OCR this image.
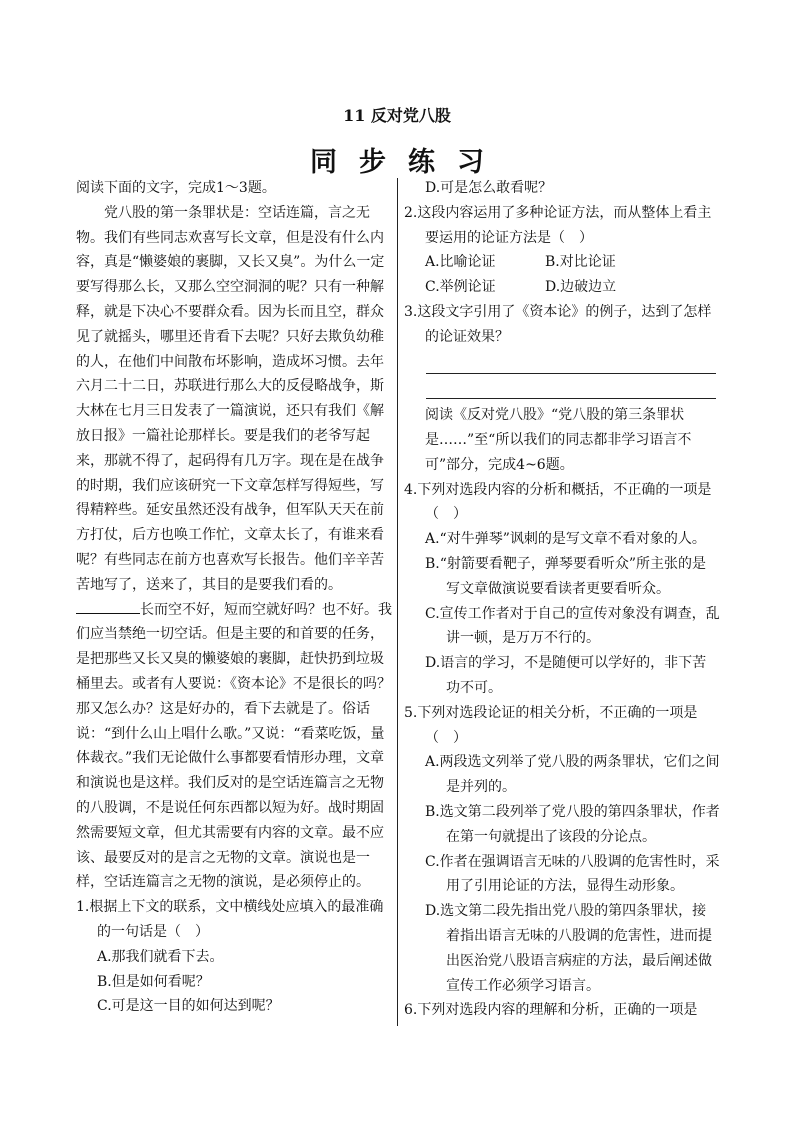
11 反对党八股
同步练习

阅读下面的文字，完成1～3题。

党八股的第一条罪状是：空话连篇，言之无物。我们有些同志欢喜写长文章，但是没有什么内容，真是“懒婆娘的裹脚，又长又臭”。为什么一定要写得那么长，又那么空空洞洞的呢？只有一种解释，就是下决心不要群众看。因为长而且空，群众见了就摇头，哪里还肯看下去呢？只好去欺负幼稚的人，在他们中间散布坏影响，造成坏习惯。去年六月二十二日，苏联进行那么大的反侵略战争，斯大林在七月三日发表了一篇演说，还只有我们《解放日报》一篇社论那样长。要是我们的老爷写起来，那就不得了，起码得有几万字。现在是在战争的时期，我们应该研究一下文章怎样写得短些，写得精粹些。延安虽然还没有战争，但军队天天在前方打仗，后方也唤工作忙，文章太长了，有谁来看呢？有些同志在前方也喜欢写长报告。他们辛辛苦苦地写了，送来了，其目的是要我们看的。长而空不好，短而空就好吗？也不好。我们应当禁绝一切空话。但是主要的和首要的任务，是把那些又长又臭的懒婆娘的裹脚，赶快扔到垃圾桶里去。或者有人要说：《资本论》不是很长的吗？那又怎么办？这是好办的，看下去就是了。俗话说：“到什么山上唱什么歌。”又说：“看菜吃饭，量体裁衣。”我们无论做什么事都要看情形办理，文章和演说也是这样。我们反对的是空话连篇言之无物的八股调，不是说任何东西都以短为好。战时期固然需要短文章，但尤其需要有内容的文章。最不应该、最要反对的是言之无物的文章。演说也是一样，空话连篇言之无物的演说，是必须停止的。

1.根据上下文的联系，文中横线处应填入的最准确的一句话是（　）

A.那我们就看下去。

B.但是如何看呢？

C.可是这一目的如何达到呢？

D.可是怎么敢看呢？

2.这段内容运用了多种论证方法，而从整体上看主要运用的论证方法是（　）

A.比喻论证	B.对比论证
C.举例论证	D.边破边立

3.这段文字引用了《资本论》的例子，达到了怎样的论证效果？

阅读《反对党八股》“党八股的第三条罪状是……”至“所以我们的同志都非学习语言不可”部分，完成4~6题。

4.下列对选段内容的分析和概括，不正确的一项是（　）

A.“对牛弹琴”讽刺的是写文章不看对象的人。

B.“射箭要看靶子，弹琴要看听众”所主张的是写文章做演说要看读者更要看听众。

C.宣传工作者对于自己的宣传对象没有调查，乱讲一顿，是万万不行的。

D.语言的学习，不是随便可以学好的，非下苦功不可。

5.下列对选段论证的相关分析，不正确的一项是（　）

A.两段选文列举了党八股的两条罪状，它们之间是并列的。

B.选文第二段列举了党八股的第四条罪状，作者在第一句就提出了该段的分论点。

C.作者在强调语言无味的八股调的危害性时，采用了引用论证的方法，显得生动形象。

D.选文第二段先指出党八股的第四条罪状，接着指出语言无味的八股调的危害性，进而提出医治党八股语言病症的方法，最后阐述做宣传工作必须学习语言。

6.下列对选段内容的理解和分析，正确的一项是
